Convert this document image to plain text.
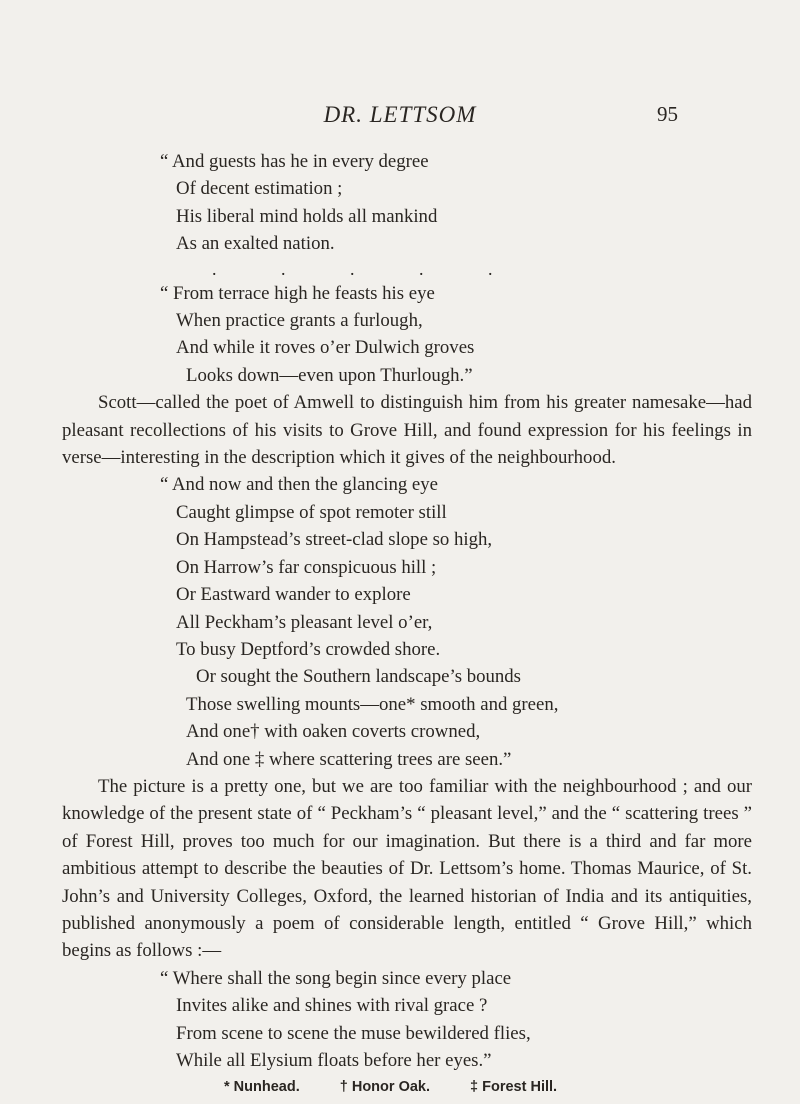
DR. LETTSOM	95
“ And guests has he in every degree
Of decent estimation ;
His liberal mind holds all mankind
As an exalted nation.
. . . . .
“ From terrace high he feasts his eye
When practice grants a furlough,
And while it roves o’er Dulwich groves
Looks down—even upon Thurlough.”

Scott—called the poet of Amwell to distinguish him from his greater namesake—had pleasant recollections of his visits to Grove Hill, and found expression for his feelings in verse—interesting in the description which it gives of the neighbourhood.

“ And now and then the glancing eye
Caught glimpse of spot remoter still
On Hampstead’s street-clad slope so high,
On Harrow’s far conspicuous hill ;
Or Eastward wander to explore
All Peckham’s pleasant level o’er,
To busy Deptford’s crowded shore.
Or sought the Southern landscape’s bounds
Those swelling mounts—one* smooth and green,
And one† with oaken coverts crowned,
And one ‡ where scattering trees are seen.”

The picture is a pretty one, but we are too familiar with the neighbourhood ; and our knowledge of the present state of “ Peckham’s “ pleasant level,” and the “ scattering trees ” of Forest Hill, proves too much for our imagination. But there is a third and far more ambitious attempt to describe the beauties of Dr. Lettsom’s home. Thomas Maurice, of St. John’s and University Colleges, Oxford, the learned historian of India and its antiquities, published anonymously a poem of considerable length, entitled “ Grove Hill,” which begins as follows :—

“ Where shall the song begin since every place
Invites alike and shines with rival grace ?
From scene to scene the muse bewildered flies,
While all Elysium floats before her eyes.”
* Nunhead.	† Honor Oak.	‡ Forest Hill.
